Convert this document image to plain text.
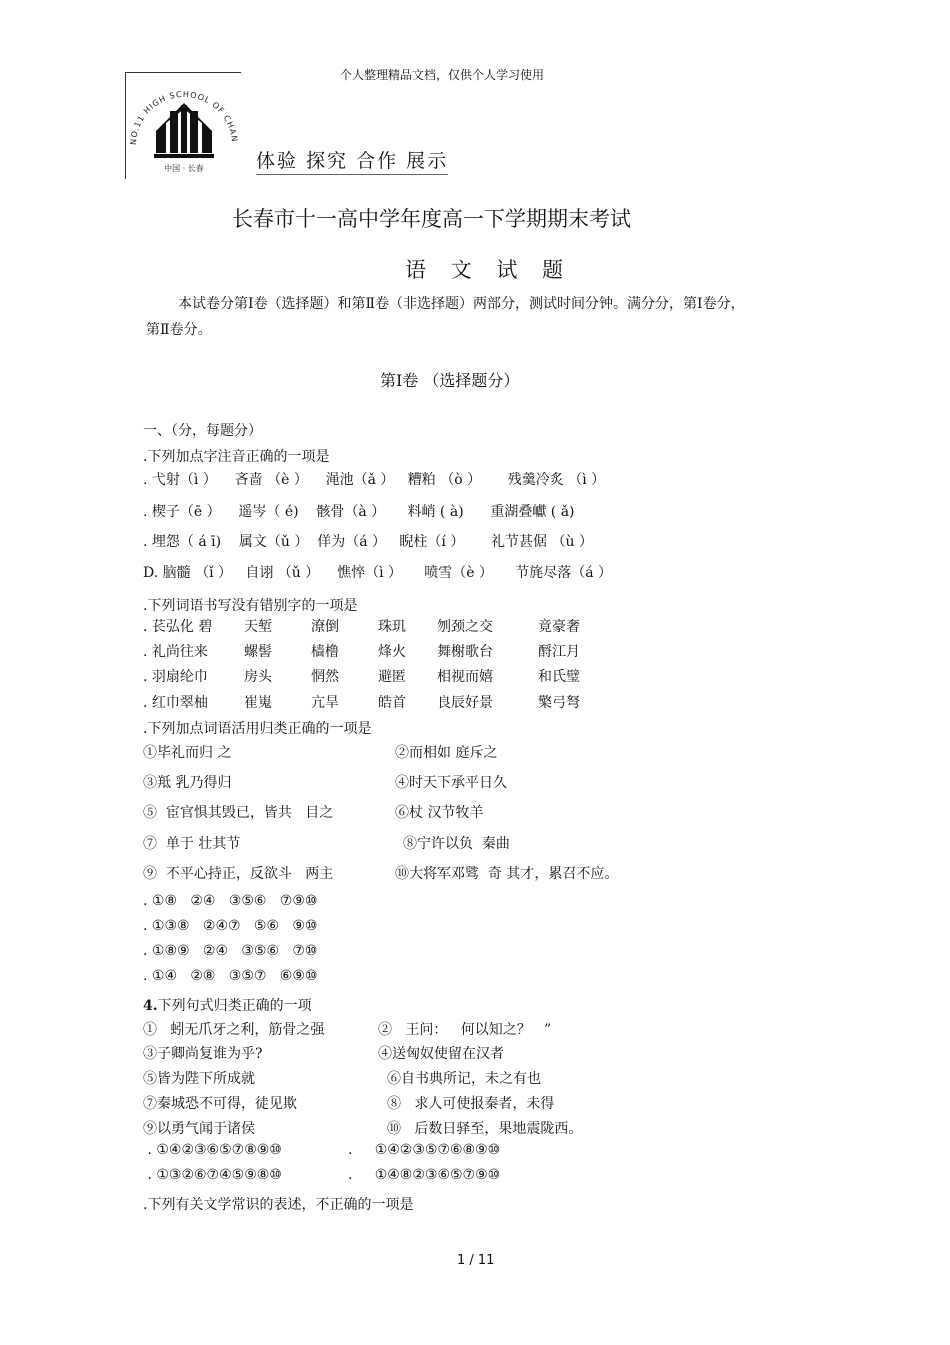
个人整理精品文档，仅供个人学习使用
NO.11 HIGH SCHOOL OF CHAN
中国 · 长春	体验 探究 合作 展示
长春市十一高中学年度高一下学期期末考试
语 文 试 题
本试卷分第Ⅰ卷（选择题）和第Ⅱ卷（非选择题）两部分，测试时间分钟。满分分，第Ⅰ卷分，第Ⅱ卷分。
第Ⅰ卷 （选择题分）
一、（分，每题分）
.下列加点字注音正确的一项是
. 弋射（ì ）    吝啬 （è ）    渑池（ǎ ）   糟粕 （ò ）      残羹冷炙 （ì ）
. 楔子（ē ）    遥岑（ é)    骸骨（à ）     料峭 ( à)      重湖叠巘 ( ǎ)
. 埋怨（ á ī)    属文（ǔ ）  佯为（á ）   睨柱（í ）      礼节甚倨 （ù ）
D. 脑髓 （ǐ ）   自诩 （ǔ ）    憔悴（ì ）     喷雪（è ）     节旄尽落（á ）
.下列词语书写没有错别字的一项是
. 苌弘化 碧 天堑	潦倒	珠玑 刎颈之交	竟豪奢
. 礼尚往来	螺髻	樯橹	烽火 舞榭歌台	酹江月
. 羽扇纶巾	房头	惘然	避匿 相视而嬉	和氏璧
. 红巾翠柚	崔嵬	亢旱	皓首 良辰好景	檠弓弩
.下列加点词语活用归类正确的一项是
①毕礼而归 之	②而相如 庭斥之
③羝 乳乃得归	④时天下承平日久
⑤  宦官惧其毁已，皆共   目之	⑥杖 汉节牧羊
⑦  单于 壮其节	⑧宁许以负  秦曲
⑨  不平心持正，反欲斗   两主	⑩大将军邓骘  奇 其才，累召不应。
. ①⑧   ②④   ③⑤⑥   ⑦⑨⑩
. ①③⑧   ②④⑦   ⑤⑥   ⑨⑩
. ①⑧⑨   ②④   ③⑤⑥   ⑦⑩
. ①④   ②⑧   ③⑤⑦   ⑥⑨⑩
4.下列句式归类正确的一项
①   蚓无爪牙之利，筋骨之强	②   王问：   何以知之？   ”
③子卿尚复谁为乎?	④送匈奴使留在汉者
⑤皆为陛下所成就	⑥自书典所记，未之有也
⑦秦城恐不可得，徒见欺	⑧   求人可使报秦者，未得
⑨以勇气闻于诸侯	⑩   后数日驿至，果地震陇西。
. ①④②③⑥⑤⑦⑧⑨⑩	.     ①④②③⑤⑦⑥⑧⑨⑩
. ①③②⑥⑦④⑤⑨⑧⑩	.     ①④⑧②③⑥⑤⑦⑨⑩
.下列有关文学常识的表述，不正确的一项是
1 / 11
